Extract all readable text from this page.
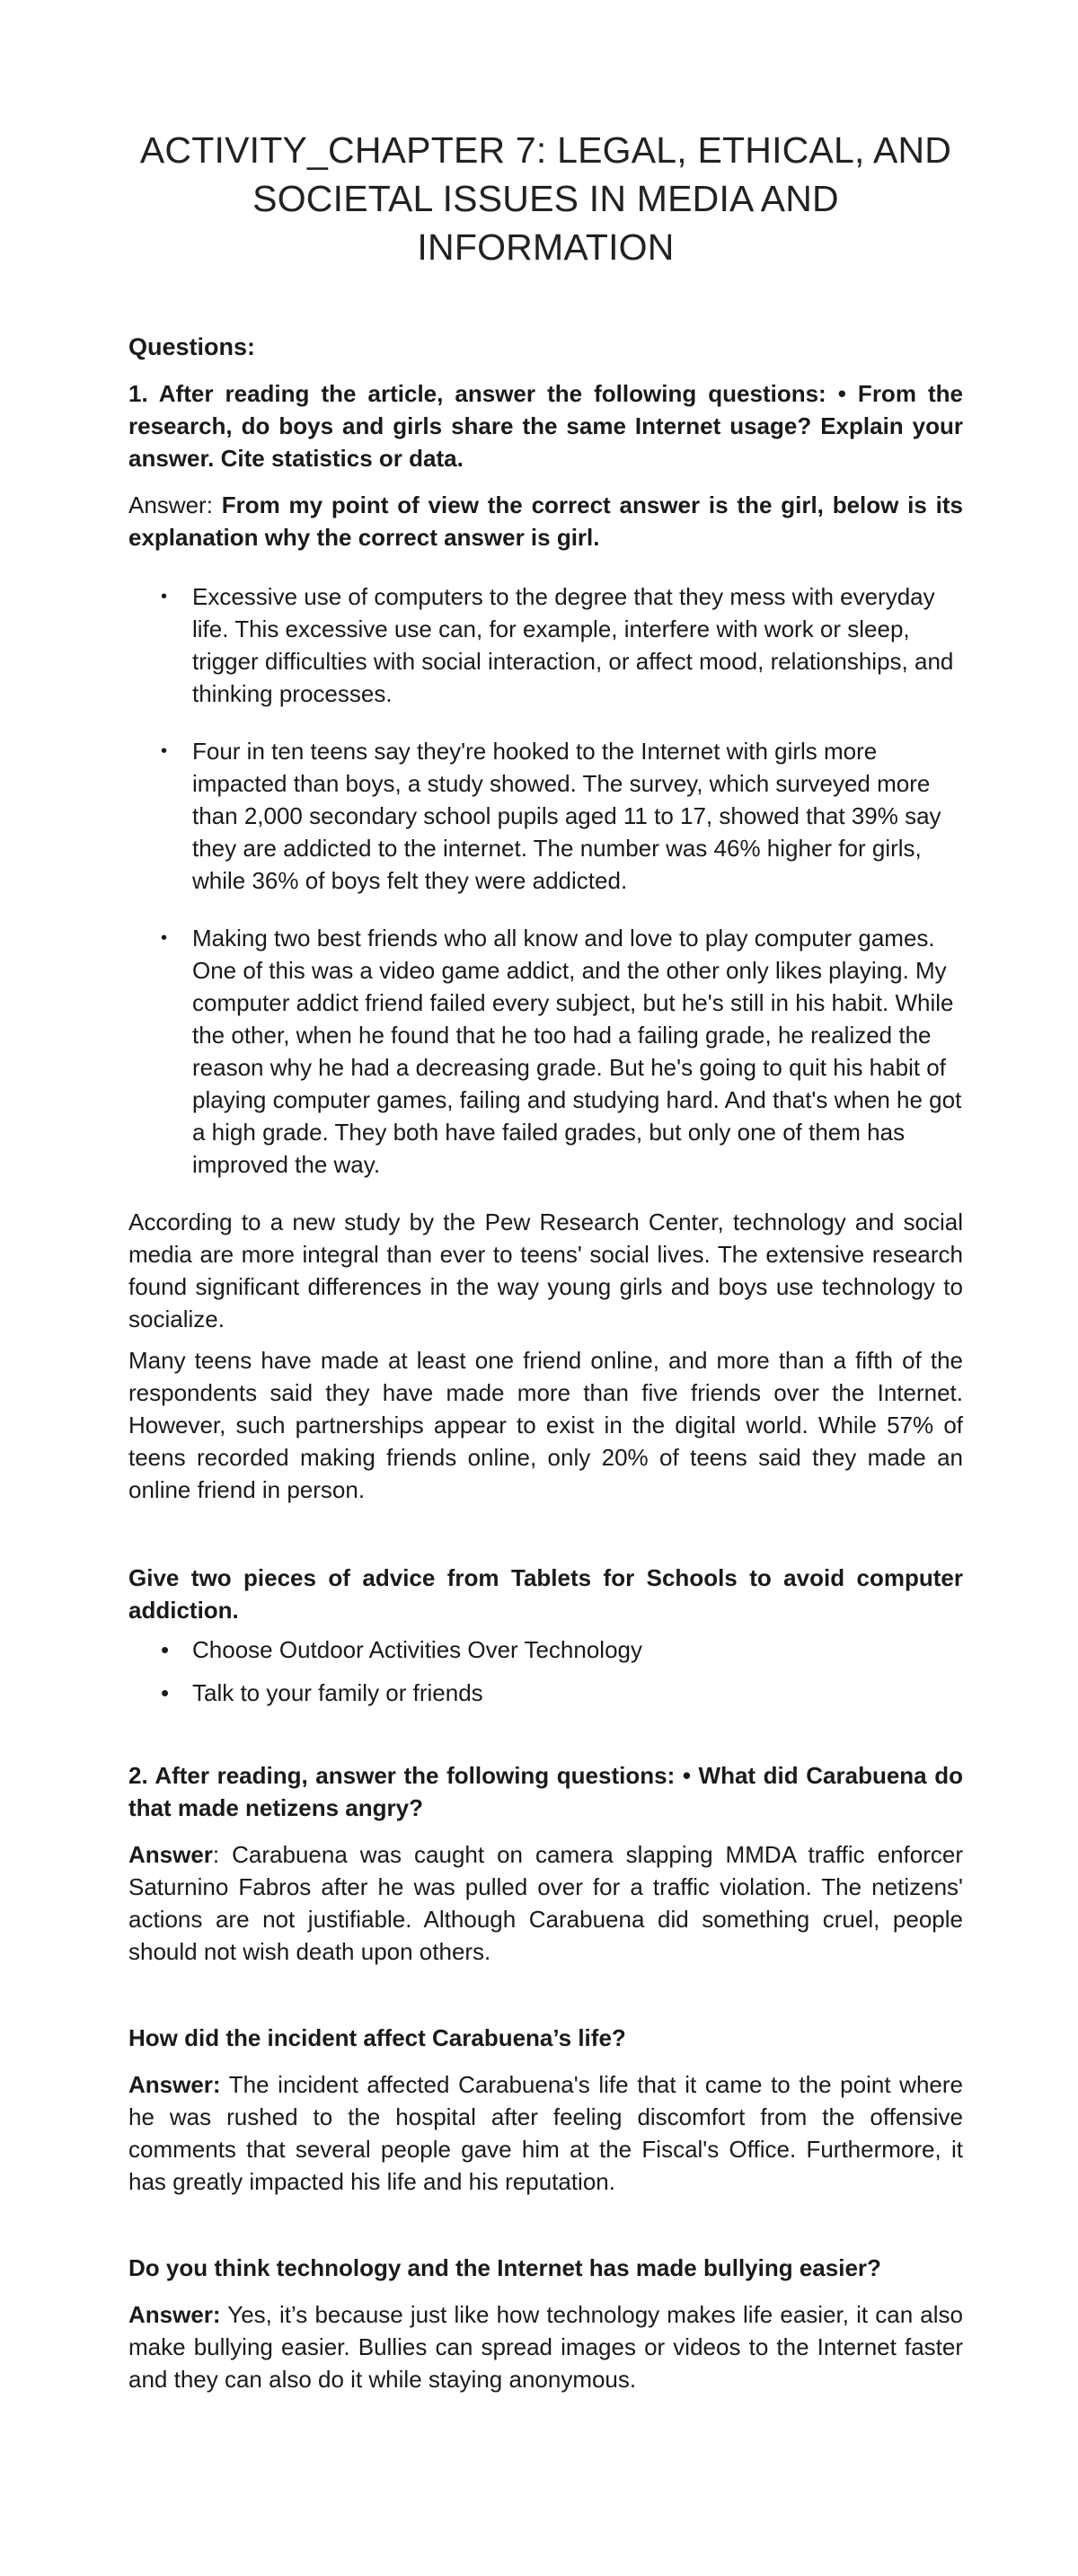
ACTIVITY_CHAPTER 7: LEGAL, ETHICAL, AND SOCIETAL ISSUES IN MEDIA AND INFORMATION

Questions:

1. After reading the article, answer the following questions: • From the research, do boys and girls share the same Internet usage? Explain your answer. Cite statistics or data.

Answer: From my point of view the correct answer is the girl, below is its explanation why the correct answer is girl.

• Excessive use of computers to the degree that they mess with everyday life. This excessive use can, for example, interfere with work or sleep, trigger difficulties with social interaction, or affect mood, relationships, and thinking processes.
• Four in ten teens say they're hooked to the Internet with girls more impacted than boys, a study showed. The survey, which surveyed more than 2,000 secondary school pupils aged 11 to 17, showed that 39% say they are addicted to the internet. The number was 46% higher for girls, while 36% of boys felt they were addicted.
• Making two best friends who all know and love to play computer games. One of this was a video game addict, and the other only likes playing. My computer addict friend failed every subject, but he's still in his habit. While the other, when he found that he too had a failing grade, he realized the reason why he had a decreasing grade. But he's going to quit his habit of playing computer games, failing and studying hard. And that's when he got a high grade. They both have failed grades, but only one of them has improved the way.

According to a new study by the Pew Research Center, technology and social media are more integral than ever to teens' social lives. The extensive research found significant differences in the way young girls and boys use technology to socialize.

Many teens have made at least one friend online, and more than a fifth of the respondents said they have made more than five friends over the Internet. However, such partnerships appear to exist in the digital world. While 57% of teens recorded making friends online, only 20% of teens said they made an online friend in person.

Give two pieces of advice from Tablets for Schools to avoid computer addiction.

• Choose Outdoor Activities Over Technology
• Talk to your family or friends

2. After reading, answer the following questions: • What did Carabuena do that made netizens angry?

Answer: Carabuena was caught on camera slapping MMDA traffic enforcer Saturnino Fabros after he was pulled over for a traffic violation. The netizens' actions are not justifiable. Although Carabuena did something cruel, people should not wish death upon others.

How did the incident affect Carabuena’s life?

Answer: The incident affected Carabuena's life that it came to the point where he was rushed to the hospital after feeling discomfort from the offensive comments that several people gave him at the Fiscal's Office. Furthermore, it has greatly impacted his life and his reputation.

Do you think technology and the Internet has made bullying easier?

Answer: Yes, it’s because just like how technology makes life easier, it can also make bullying easier. Bullies can spread images or videos to the Internet faster and they can also do it while staying anonymous.
